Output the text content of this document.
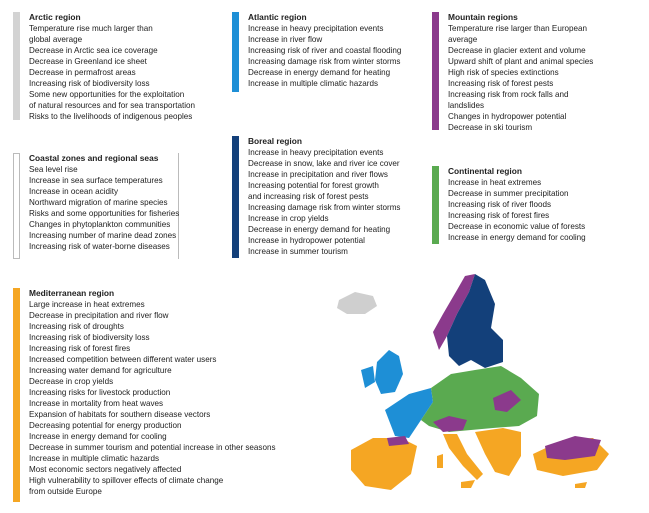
Arctic region
Temperature rise much larger than
global average
Decrease in Arctic sea ice coverage
Decrease in Greenland ice sheet
Decrease in permafrost areas
Increasing risk of biodiversity loss
Some new opportunities for the exploitation
of natural resources and for sea transportation
Risks to the livelihoods of indigenous peoples
Atlantic region
Increase in heavy precipitation events
Increase in river flow
Increasing risk of river and coastal flooding
Increasing damage risk from winter storms
Decrease in energy demand for heating
Increase in multiple climatic hazards
Mountain regions
Temperature rise larger than European
average
Decrease in glacier extent and volume
Upward shift of plant and animal species
High risk of species extinctions
Increasing risk of forest pests
Increasing risk from rock falls and
landslides
Changes in hydropower potential
Decrease in ski tourism
Coastal zones and regional seas
Sea level rise
Increase in sea surface temperatures
Increase in ocean acidity
Northward migration of marine species
Risks and some opportunities for fisheries
Changes in phytoplankton communities
Increasing number of marine dead zones
Increasing risk of water-borne diseases
Boreal region
Increase in heavy precipitation events
Decrease in snow, lake and river ice cover
Increase in precipitation and river flows
Increasing potential for forest growth
and increasing risk of forest pests
Increasing damage risk from winter storms
Increase in crop yields
Decrease in energy demand for heating
Increase in hydropower potential
Increase in summer tourism
Continental region
Increase in heat extremes
Decrease in summer precipitation
Increasing risk of river floods
Increasing risk of forest fires
Decrease in economic value of forests
Increase in energy demand for cooling
Mediterranean region
Large increase in heat extremes
Decrease in precipitation and river flow
Increasing risk of droughts
Increasing risk of biodiversity loss
Increasing risk of forest fires
Increased competition between different water users
Increasing water demand for agriculture
Decrease in crop yields
Increasing risks for livestock production
Increase in mortality from heat waves
Expansion of habitats for southern disease vectors
Decreasing potential for energy production
Increase in energy demand for cooling
Decrease in summer tourism and potential increase in other seasons
Increase in multiple climatic hazards
Most economic sectors negatively affected
High vulnerability to spillover effects of climate change
from outside Europe
